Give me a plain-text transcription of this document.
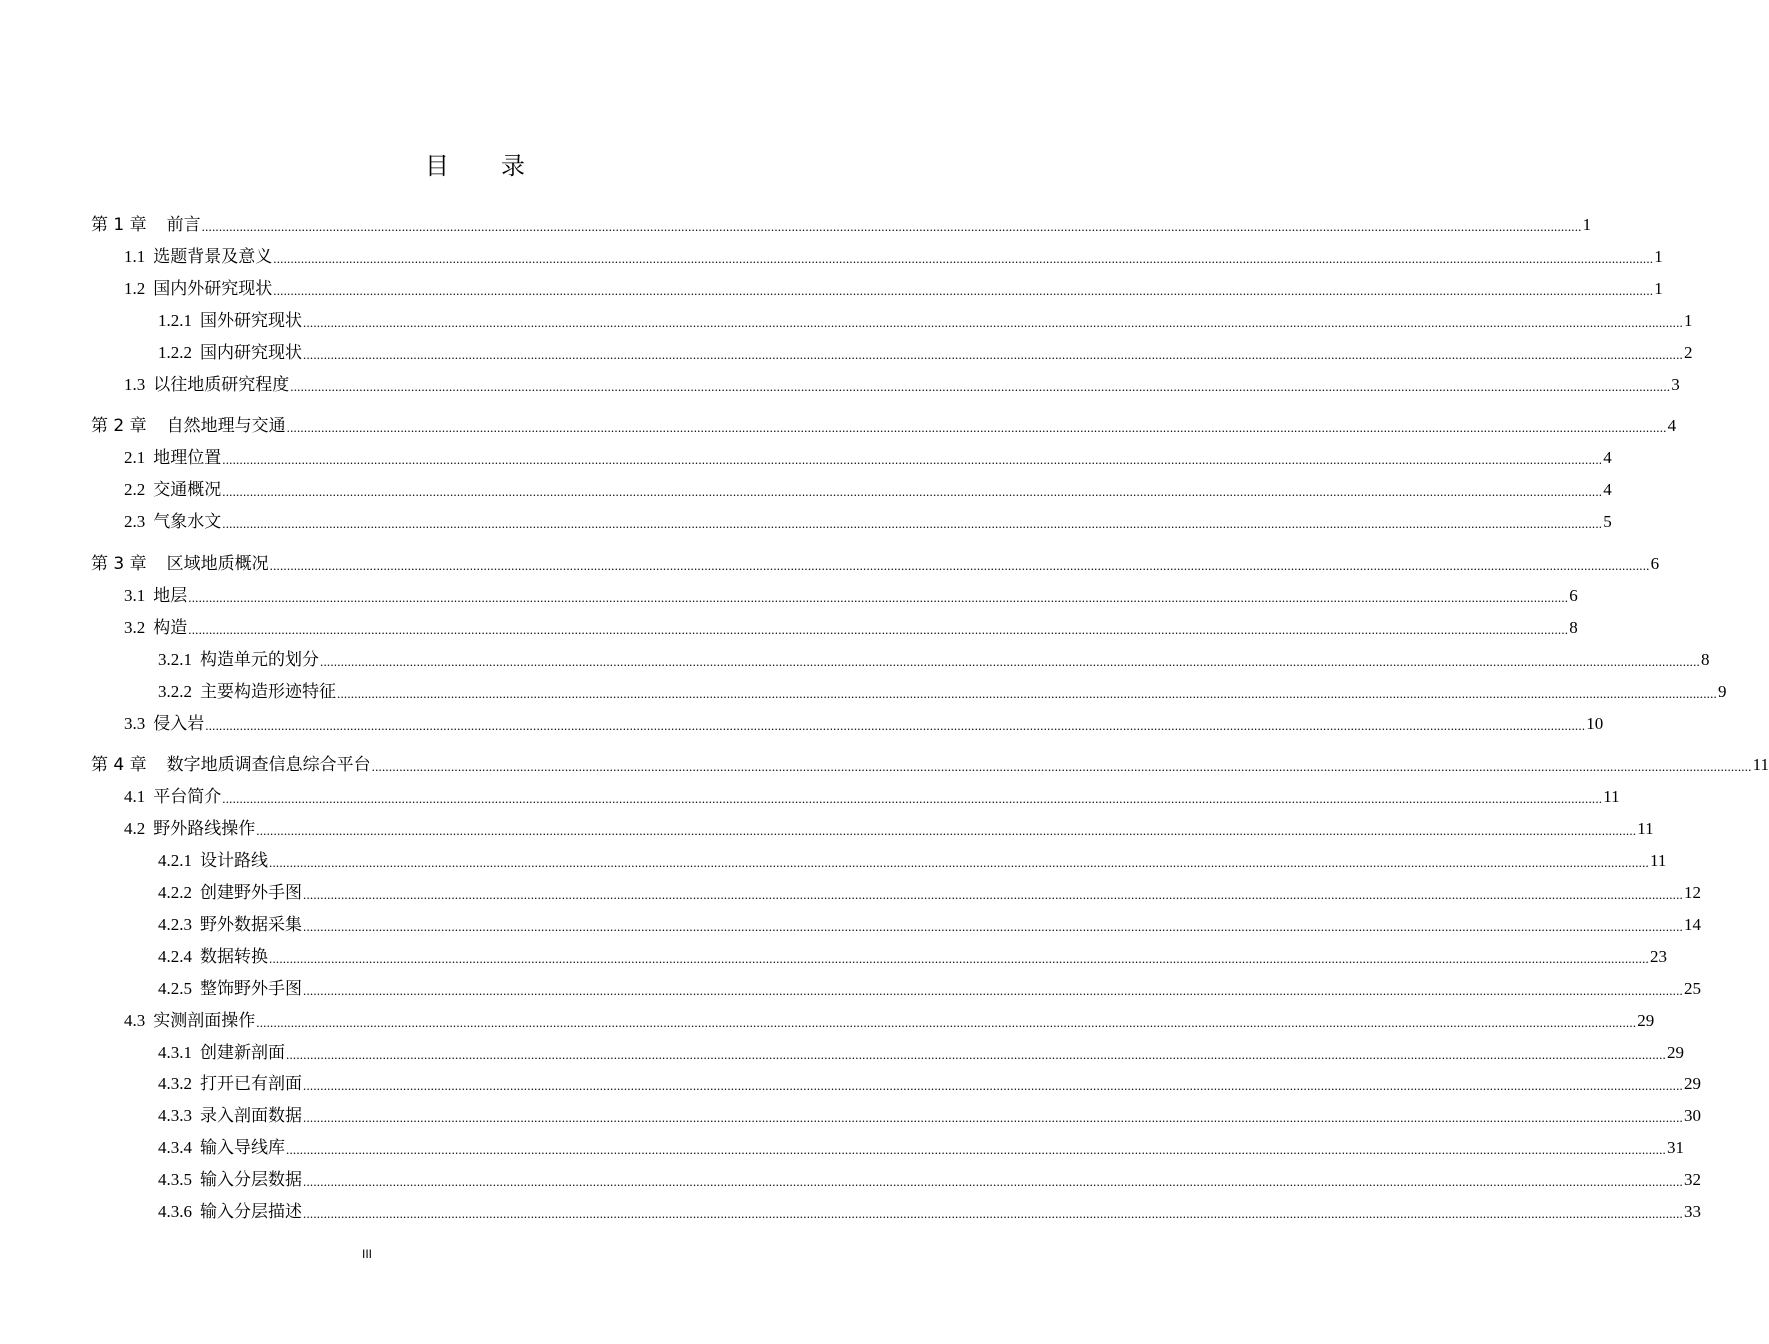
目 录
第 1 章	前言 ................................................................................................................................................................................................................................................................................................................................................................................................................ 1
1.1 选题背景及意义 ................................................................................................................................................................................................................................................................................................................................................................................................................ 1
1.2 国内外研究现状 ................................................................................................................................................................................................................................................................................................................................................................................................................ 1
1.2.1 国外研究现状 ................................................................................................................................................................................................................................................................................................................................................................................................................ 1
1.2.2 国内研究现状 ................................................................................................................................................................................................................................................................................................................................................................................................................ 2
1.3 以往地质研究程度 ................................................................................................................................................................................................................................................................................................................................................................................................................ 3
第 2 章	自然地理与交通 ................................................................................................................................................................................................................................................................................................................................................................................................................ 4
2.1 地理位置 ................................................................................................................................................................................................................................................................................................................................................................................................................ 4
2.2 交通概况 ................................................................................................................................................................................................................................................................................................................................................................................................................ 4
2.3 气象水文 ................................................................................................................................................................................................................................................................................................................................................................................................................ 5
第 3 章	区域地质概况 ................................................................................................................................................................................................................................................................................................................................................................................................................ 6
3.1 地层 ................................................................................................................................................................................................................................................................................................................................................................................................................ 6
3.2 构造 ................................................................................................................................................................................................................................................................................................................................................................................................................ 8
3.2.1 构造单元的划分 ................................................................................................................................................................................................................................................................................................................................................................................................................ 8
3.2.2 主要构造形迹特征 ................................................................................................................................................................................................................................................................................................................................................................................................................ 9
3.3 侵入岩 ................................................................................................................................................................................................................................................................................................................................................................................................................ 10
第 4 章	数字地质调查信息综合平台 ................................................................................................................................................................................................................................................................................................................................................................................................................ 11
4.1 平台简介 ................................................................................................................................................................................................................................................................................................................................................................................................................ 11
4.2 野外路线操作 ................................................................................................................................................................................................................................................................................................................................................................................................................ 11
4.2.1 设计路线 ................................................................................................................................................................................................................................................................................................................................................................................................................ 11
4.2.2 创建野外手图 ................................................................................................................................................................................................................................................................................................................................................................................................................ 12
4.2.3 野外数据采集 ................................................................................................................................................................................................................................................................................................................................................................................................................ 14
4.2.4 数据转换 ................................................................................................................................................................................................................................................................................................................................................................................................................ 23
4.2.5 整饰野外手图 ................................................................................................................................................................................................................................................................................................................................................................................................................ 25
4.3 实测剖面操作 ................................................................................................................................................................................................................................................................................................................................................................................................................ 29
4.3.1 创建新剖面 ................................................................................................................................................................................................................................................................................................................................................................................................................ 29
4.3.2 打开已有剖面 ................................................................................................................................................................................................................................................................................................................................................................................................................ 29
4.3.3 录入剖面数据 ................................................................................................................................................................................................................................................................................................................................................................................................................ 30
4.3.4 输入导线库 ................................................................................................................................................................................................................................................................................................................................................................................................................ 31
4.3.5 输入分层数据 ................................................................................................................................................................................................................................................................................................................................................................................................................ 32
4.3.6 输入分层描述 ................................................................................................................................................................................................................................................................................................................................................................................................................ 33
III
